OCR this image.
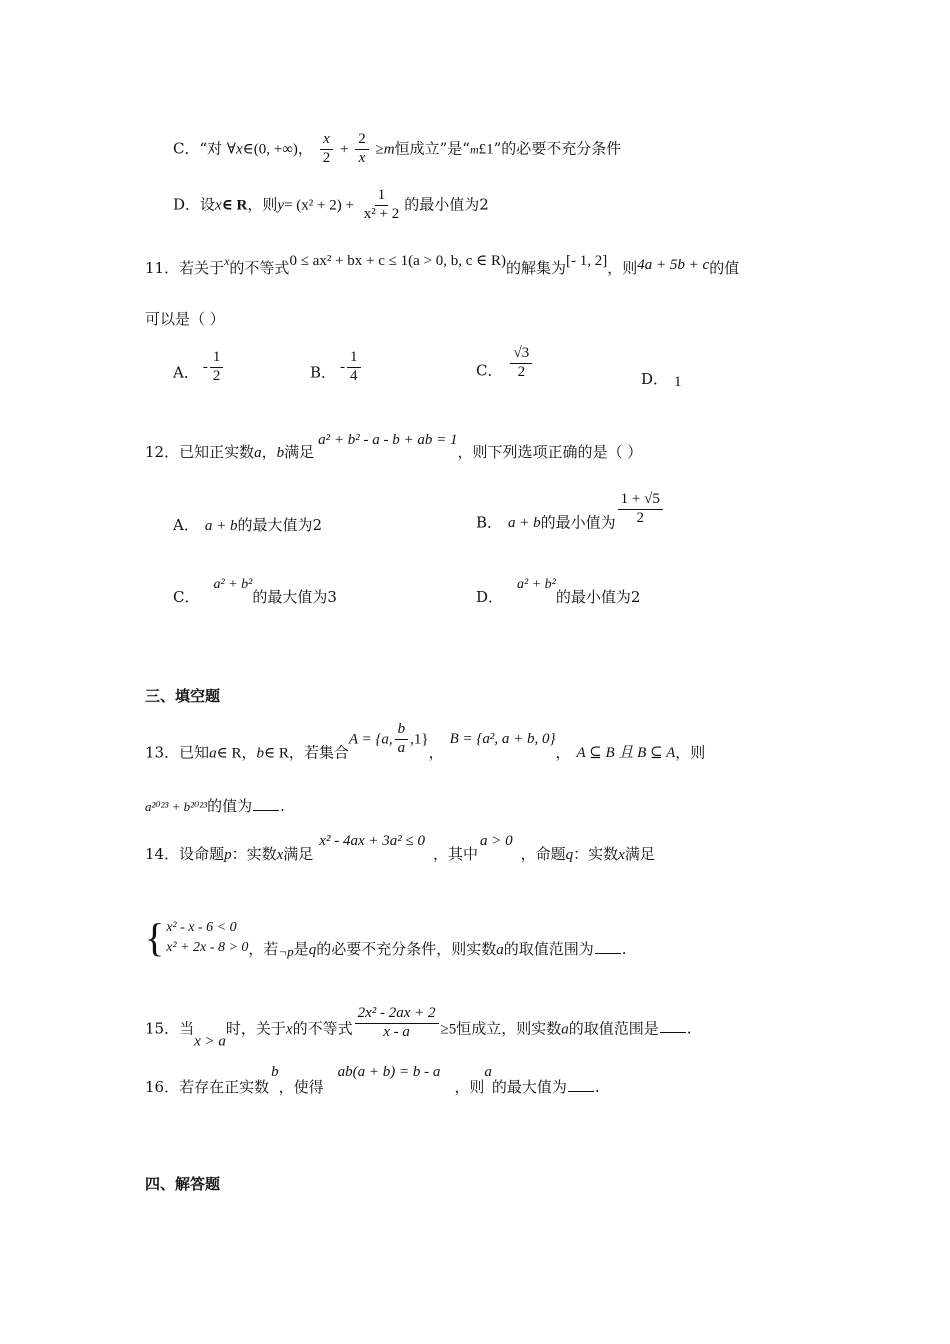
C．“对 ∀x∈(0, +∞)， $\frac{x}{2} + \frac{2}{x} \ge m$恒成立”是“m£1”的必要不充分条件
D．设x∈ R，则$y= (x^2 + 2) + \frac{1}{\text{x² + 2}}$ 的最小值为2
11．若关于$^x$的不等式0 ≤ ax² + bx + c ≤ 1(a > 0, b, c ∈ R)的解集为[- 1, 2]，则4a + 5b + c的值
可以是（ ）
A． - $\frac{1}{2}$	B． - $\frac{1}{4}$	C． $\frac{√3}{2}$	D． 1
12．已知正实数a，b满足a² + b² - a - b + ab = 1，则下列选项正确的是（ ）
A． a + b的最大值为2	B． a + b的最小值为 $\frac{1 + √5}{2}$
C．a² + b²的最大值为3	D．a² + b²的最小值为2
三、填空题
13．已知a∈ R，b∈ R，若集合A = {a, $\frac{b}{a} ,1$}，B = {a², a + b, 0}， A ⊆ B 且 B ⊆ A，则
a²⁰²³ + b²⁰²³的值为 .
14．设命题p：实数x满足x² - 4ax + 3a² ≤ 0，其中a > 0，命题q：实数x满足
{ x² - x - 6 < 0
x² + 2x - 8 > 0 ，若¬p是q的必要不充分条件，则实数a的取值范围为 .
15．当x > a时，关于x的不等式 $\frac{\text{2x² - 2ax + 2}}{x - a} \ge 5$恒成立，则实数a的取值范围是 .
16．若存在正实数b，使得ab(a + b) = b - a，则a的最大值为 .
四、解答题
